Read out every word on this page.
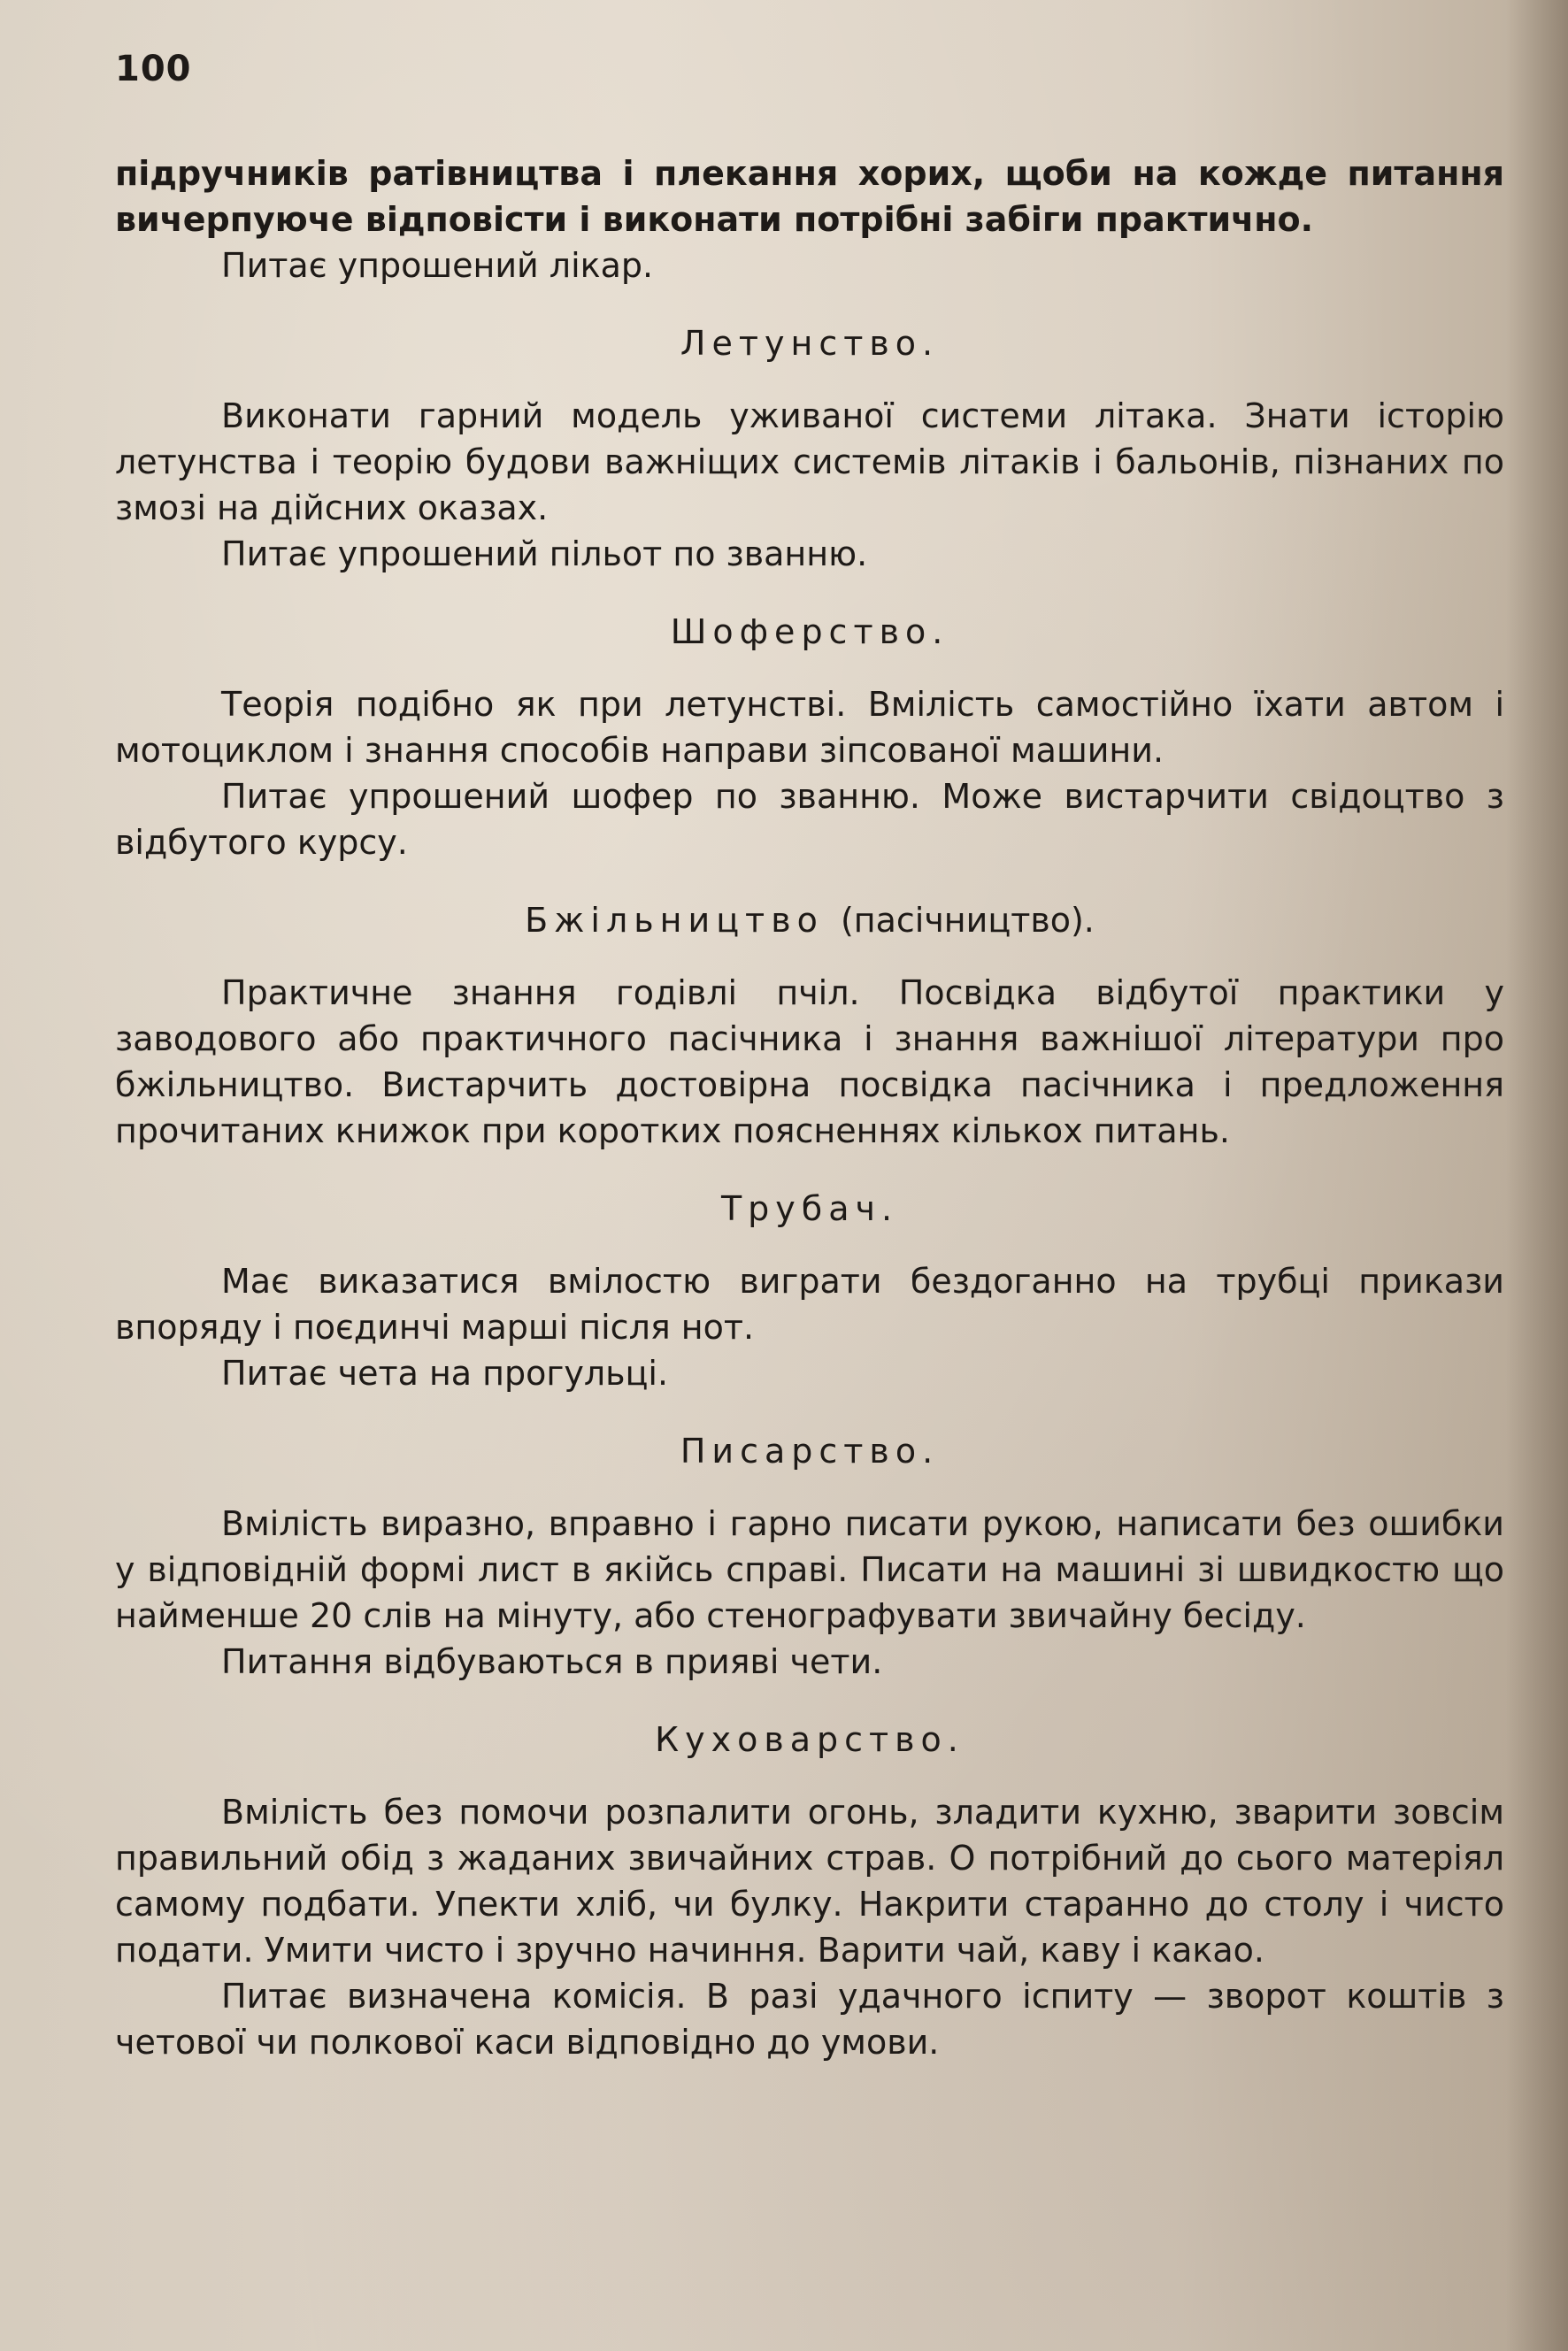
100

підручників ратівництва і плекання хорих, щоби на кожде питання вичерпуюче відповісти і виконати потрібні забіги практично.

Питає упрошений лікар.

Летунство.

Виконати гарний модель уживаної системи літака. Знати історію летунства і теорію будови важніщих системів літаків і бальонів, пізнаних по змозі на дійсних оказах.

Питає упрошений пільот по званню.

Шоферство.

Теорія подібно як при летунстві. Вмілість самостійно їхати автом і мотоциклом і знання способів направи зіпсованої машини.

Питає упрошений шофер по званню. Може вистарчити свідоцтво з відбутого курсу.

Бжільництво (пасічництво).

Практичне знання годівлі пчіл. Посвідка відбутої практики у заводового або практичного пасічника і знання важнішої літератури про бжільництво. Вистарчить достовірна посвідка пасічника і предложення прочитаних книжок при коротких поясненнях кількох питань.

Трубач.

Має виказатися вмілостю виграти бездоганно на трубці прикази впоряду і поєдинчі марші після нот.

Питає чета на прогульці.

Писарство.

Вмілість виразно, вправно і гарно писати рукою, написати без ошибки у відповідній формі лист в якійсь справі. Писати на машині зі швидкостю що найменше 20 слів на мінуту, або стенографувати звичайну бесіду.

Питання відбуваються в прияві чети.

Куховарство.

Вмілість без помочи розпалити огонь, зладити кухню, зварити зовсім правильний обід з жаданих звичайних страв. О потрібний до сього матеріял самому подбати. Упекти хліб, чи булку. Накрити старанно до столу і чисто подати. Умити чисто і зручно начиння. Варити чай, каву і какао.

Питає визначена комісія. В разі удачного іспиту — зворот коштів з четової чи полкової каси відповідно до умови.
